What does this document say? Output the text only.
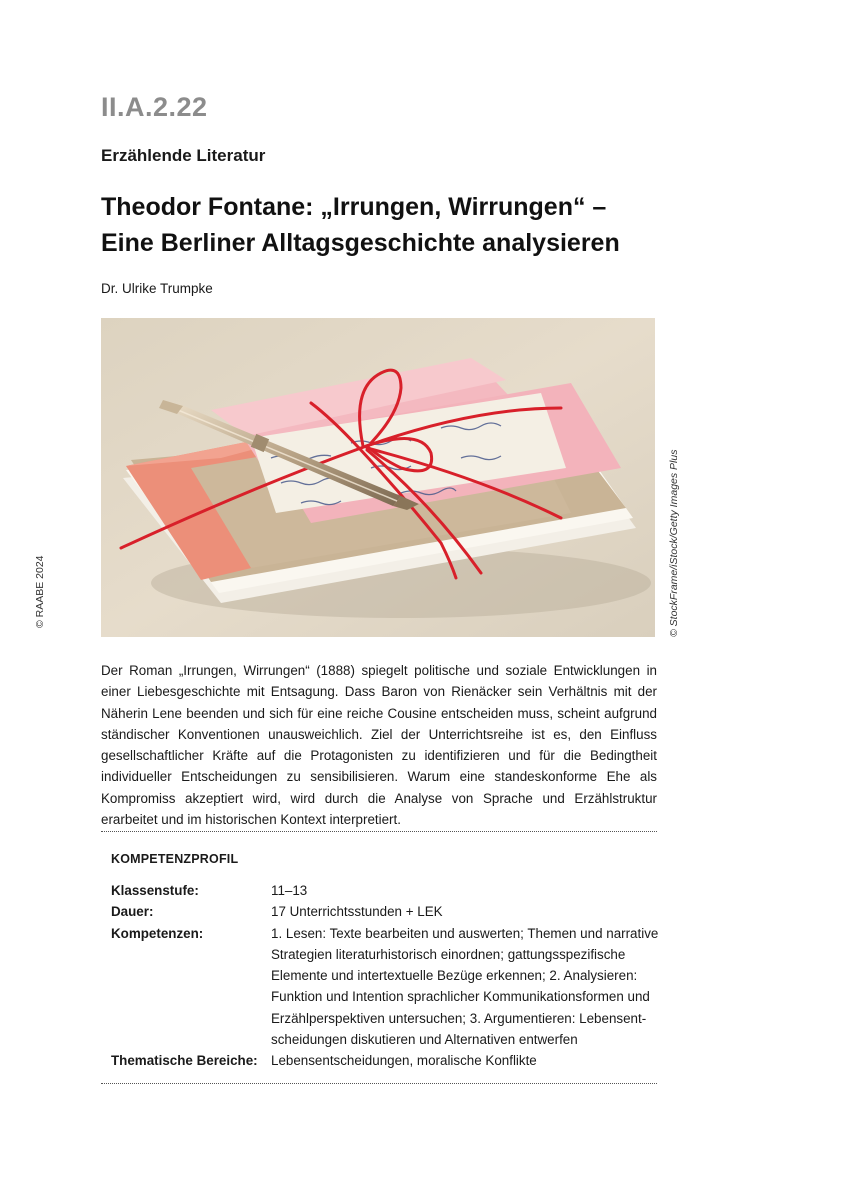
II.A.2.22
Erzählende Literatur
Theodor Fontane: „Irrungen, Wirrungen“ –
Eine Berliner Alltagsgeschichte analysieren
Dr. Ulrike Trumpke
© StockFrame/iStock/Getty Images Plus
© RAABE 2024
Der Roman „Irrungen, Wirrungen“ (1888) spiegelt politische und soziale Entwicklungen in einer Liebesgeschichte mit Entsagung. Dass Baron von Rienäcker sein Verhältnis mit der Näherin Lene beenden und sich für eine reiche Cousine entscheiden muss, scheint aufgrund ständischer Konventionen unausweichlich. Ziel der Unterrichtsreihe ist es, den Einfluss gesellschaftlicher Kräfte auf die Protagonisten zu identifizieren und für die Bedingtheit individueller Entscheidungen zu sensibilisieren. Warum eine standeskonforme Ehe als Kompromiss akzeptiert wird, wird durch die Analyse von Sprache und Erzählstruktur erarbeitet und im historischen Kontext interpretiert.
KOMPETENZPROFIL
Klassenstufe:	11–13
Dauer:	17 Unterrichtsstunden + LEK
Kompetenzen:	1. Lesen: Texte bearbeiten und auswerten; Themen und narrative
Strategien literaturhistorisch einordnen; gattungsspezifische
Elemente und intertextuelle Bezüge erkennen; 2. Analysieren:
Funktion und Intention sprachlicher Kommunikationsformen und
Erzählperspektiven untersuchen; 3. Argumentieren: Lebensent-
scheidungen diskutieren und Alternativen entwerfen
Thematische Bereiche: Lebensentscheidungen, moralische Konflikte
